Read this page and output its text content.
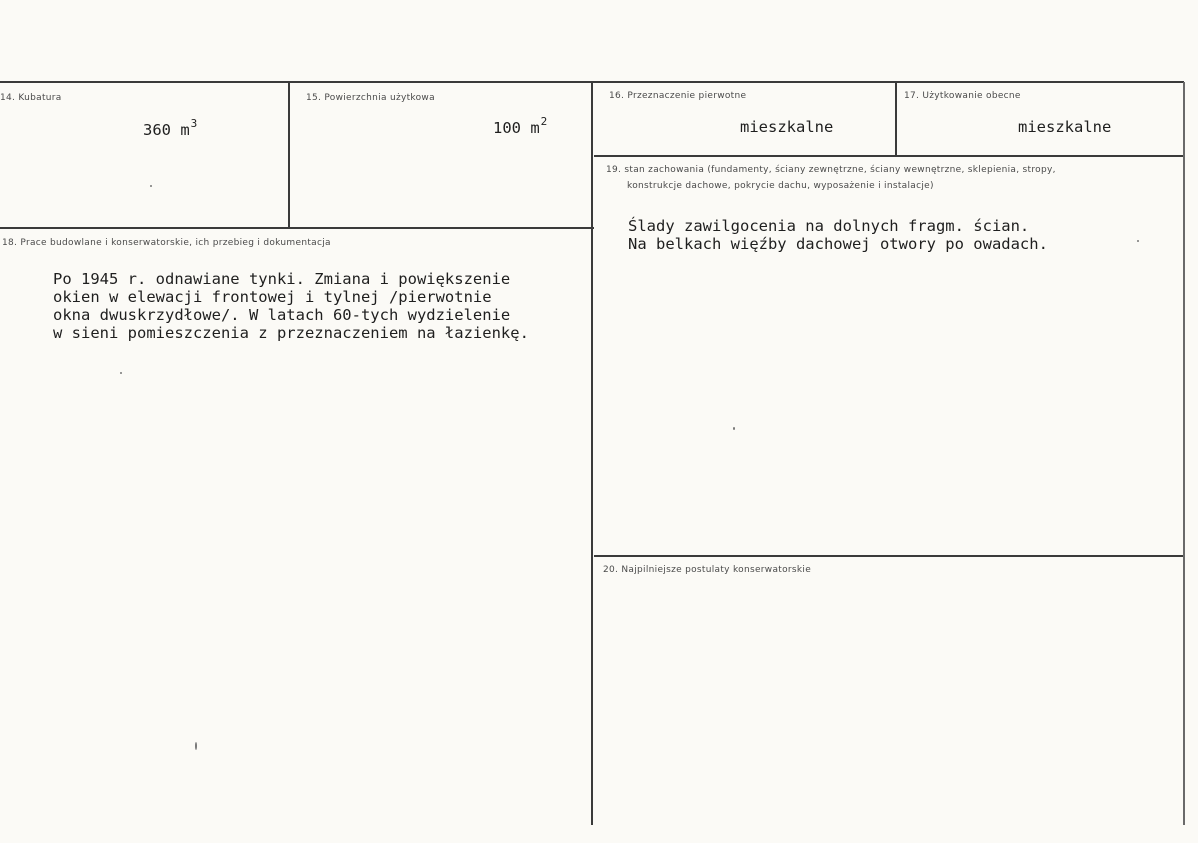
14. Kubatura
360 $m^3$
15. Powierzchnia użytkowa
100 $m^2$
16. Przeznaczenie pierwotne
mieszkalne
17. Użytkowanie obecne
mieszkalne
18. Prace budowlane i konserwatorskie, ich przebieg i dokumentacja
Po 1945 r. odnawiane tynki. Zmiana i powiększenie
okien w elewacji frontowej i tylnej /pierwotnie
okna dwuskrzydłowe/. W latach 60-tych wydzielenie
w sieni pomieszczenia z przeznaczeniem na łazienkę.
19. stan zachowania (fundamenty, ściany zewnętrzne, ściany wewnętrzne, sklepienia, stropy,
konstrukcje dachowe, pokrycie dachu, wyposażenie i instalacje)
Ślady zawilgocenia na dolnych fragm. ścian.
Na belkach więźby dachowej otwory po owadach.
20. Najpilniejsze postulaty konserwatorskie
